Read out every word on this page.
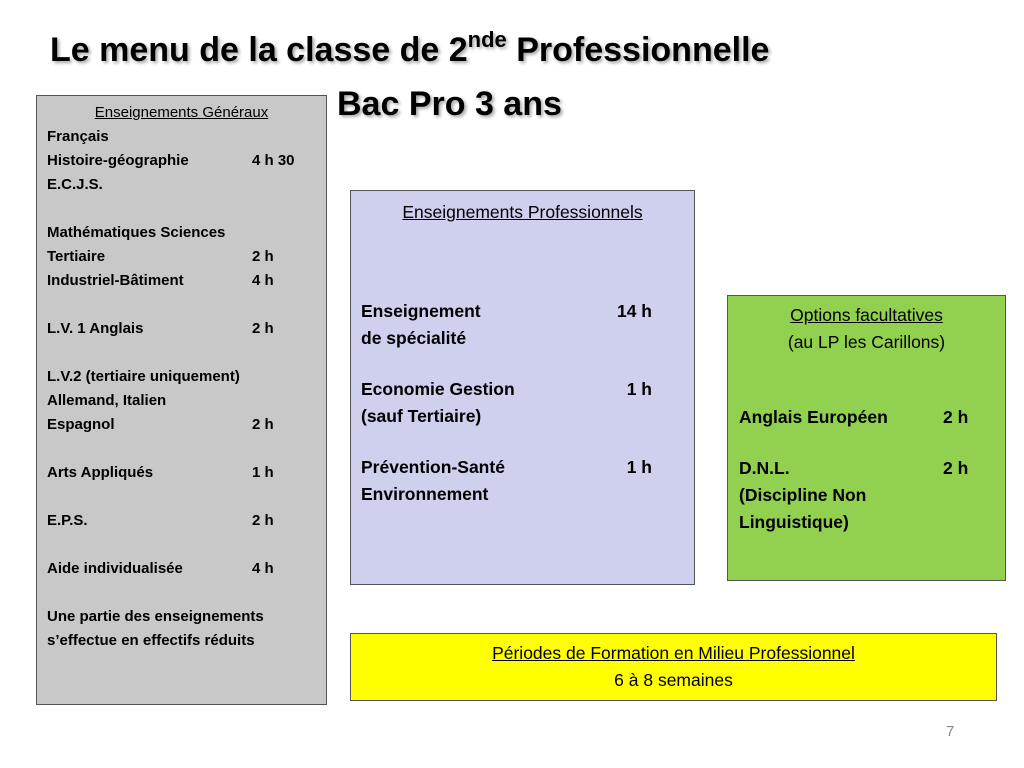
Le menu de la classe de 2nde Professionnelle
Bac Pro 3 ans
Enseignements Généraux
Français
Histoire-géographie	4 h 30
E.C.J.S.
Mathématiques Sciences
Tertiaire	2 h
Industriel-Bâtiment	4 h
L.V. 1 Anglais	2 h
L.V.2 (tertiaire uniquement)
Allemand, Italien
Espagnol	2 h
Arts Appliqués	1 h
E.P.S.	2 h
Aide individualisée	4 h
Une partie des enseignements
s’effectue en effectifs réduits
Enseignements Professionnels
Enseignement	14 h
de spécialité
Economie Gestion	1 h
(sauf Tertiaire)
Prévention-Santé	1 h
Environnement
Options facultatives
(au LP les Carillons)
Anglais Européen	2 h
D.N.L.	2 h
(Discipline Non
Linguistique)
Périodes de Formation en Milieu Professionnel
6 à 8 semaines
7
